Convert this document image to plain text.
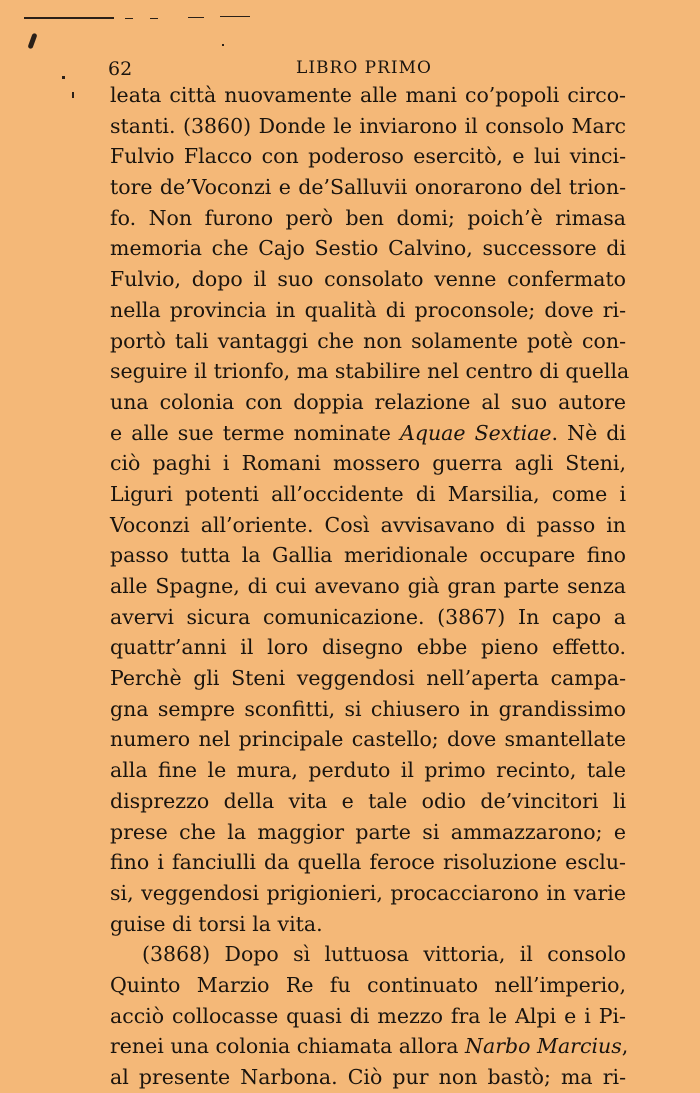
62	LIBRO PRIMO
leata città nuovamente alle mani co’popoli circo-
stanti. (3860) Donde le inviarono il consolo Marc
Fulvio Flacco con poderoso esercitò, e lui vinci-
tore de’Voconzi e de’Salluvii onorarono del trion-
fo. Non furono però ben domi; poich’è rimasa
memoria che Cajo Sestio Calvino, successore di
Fulvio, dopo il suo consolato venne confermato
nella provincia in qualità di proconsole; dove ri-
portò tali vantaggi che non solamente potè con-
seguire il trionfo, ma stabilire nel centro di quella
una colonia con doppia relazione al suo autore
e alle sue terme nominate Aquae Sextiae. Nè di
ciò paghi i Romani mossero guerra agli Steni,
Liguri potenti all’occidente di Marsilia, come i
Voconzi all’oriente. Così avvisavano di passo in
passo tutta la Gallia meridionale occupare fino
alle Spagne, di cui avevano già gran parte senza
avervi sicura comunicazione. (3867) In capo a
quattr’anni il loro disegno ebbe pieno effetto.
Perchè gli Steni veggendosi nell’aperta campa-
gna sempre sconfitti, si chiusero in grandissimo
numero nel principale castello; dove smantellate
alla fine le mura, perduto il primo recinto, tale
disprezzo della vita e tale odio de’vincitori li
prese che la maggior parte si ammazzarono; e
fino i fanciulli da quella feroce risoluzione esclu-
si, veggendosi prigionieri, procacciarono in varie
guise di torsi la vita.
(3868) Dopo sì luttuosa vittoria, il consolo
Quinto Marzio Re fu continuato nell’imperio,
acciò collocasse quasi di mezzo fra le Alpi e i Pi-
renei una colonia chiamata allora Narbo Marcius,
al presente Narbona. Ciò pur non bastò; ma ri-
